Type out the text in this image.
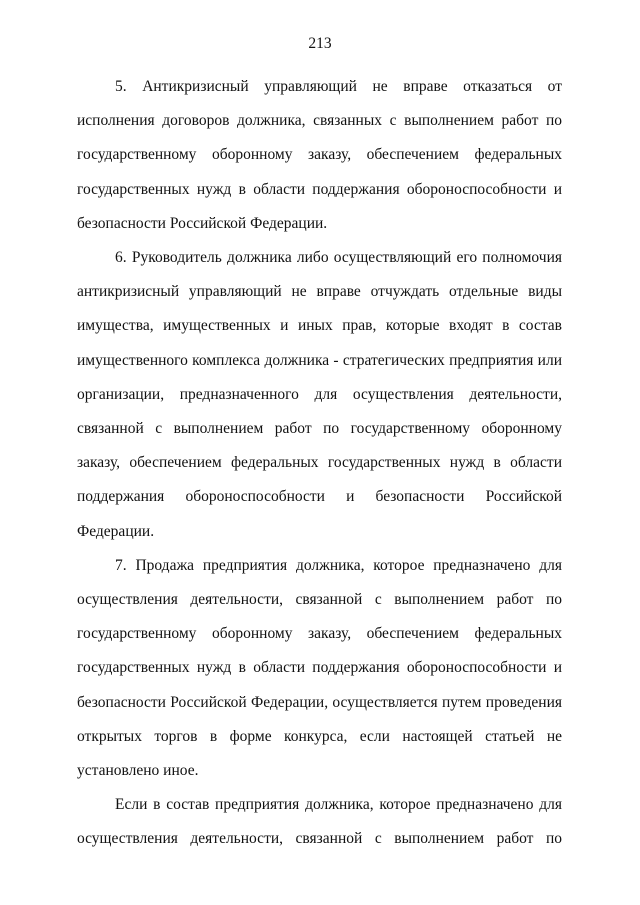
213

5. Антикризисный управляющий не вправе отказаться от исполнения договоров должника, связанных с выполнением работ по государственному оборонному заказу, обеспечением федеральных государственных нужд в области поддержания обороноспособности и безопасности Российской Федерации.

6. Руководитель должника либо осуществляющий его полномочия антикризисный управляющий не вправе отчуждать отдельные виды имущества, имущественных и иных прав, которые входят в состав имущественного комплекса должника - стратегических предприятия или организации, предназначенного для осуществления деятельности, связанной с выполнением работ по государственному оборонному заказу, обеспечением федеральных государственных нужд в области поддержания обороноспособности и безопасности Российской Федерации.

7. Продажа предприятия должника, которое предназначено для осуществления деятельности, связанной с выполнением работ по государственному оборонному заказу, обеспечением федеральных государственных нужд в области поддержания обороноспособности и безопасности Российской Федерации, осуществляется путем проведения открытых торгов в форме конкурса, если настоящей статьей не установлено иное.

Если в состав предприятия должника, которое предназначено для осуществления деятельности, связанной с выполнением работ по
